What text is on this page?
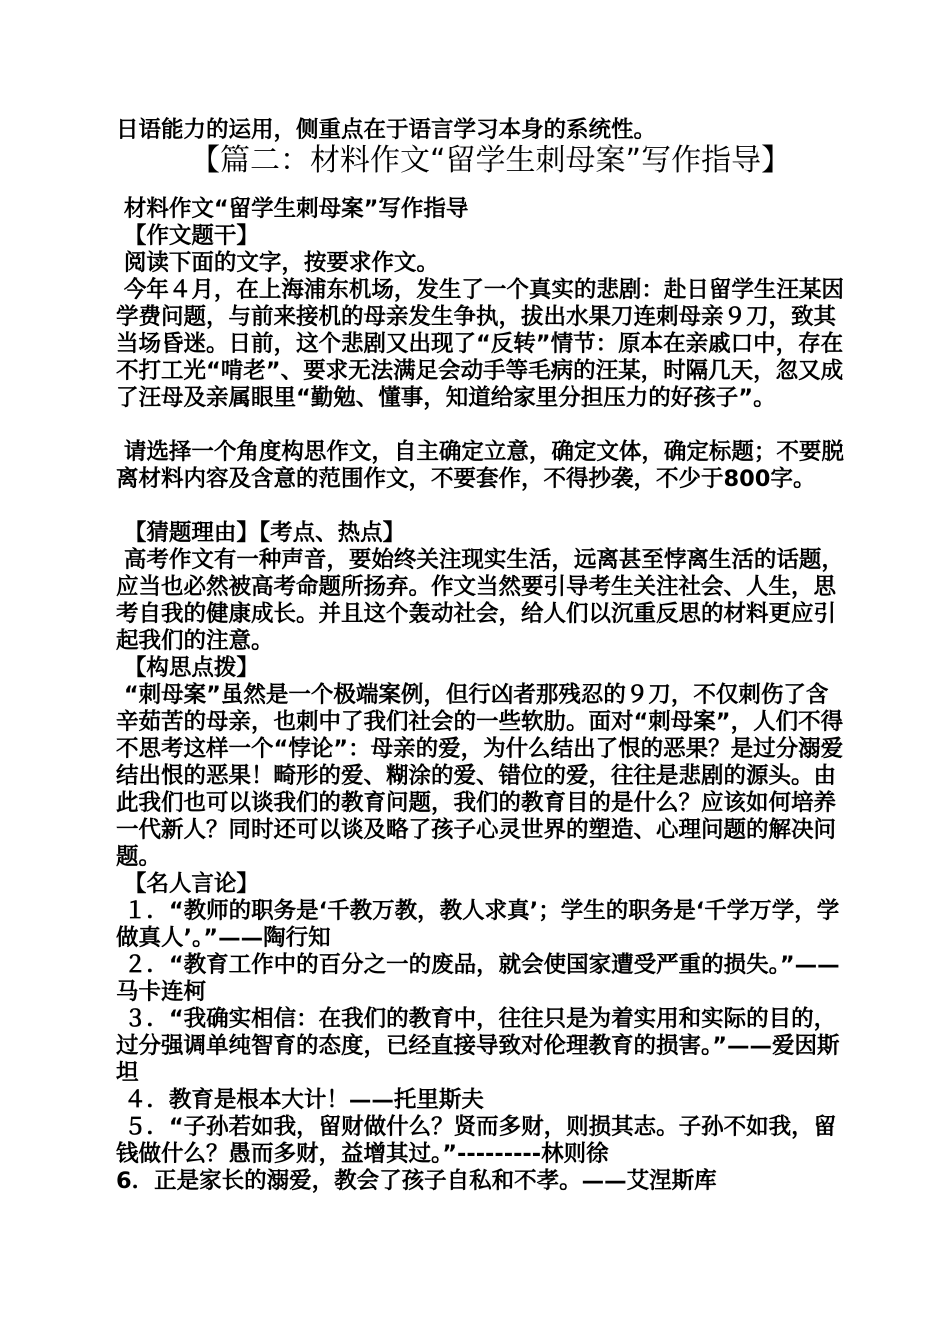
日语能力的运用，侧重点在于语言学习本身的系统性。
【篇二：材料作文“留学生刺母案”写作指导】
材料作文“留学生刺母案”写作指导
【作文题干】
阅读下面的文字，按要求作文。
今年４月，在上海浦东机场，发生了一个真实的悲剧：赴日留学生汪某因学费问题，与前来接机的母亲发生争执，拔出水果刀连刺母亲９刀，致其当场昏迷。日前，这个悲剧又出现了“反转”情节：原本在亲戚口中，存在不打工光“啃老”、要求无法满足会动手等毛病的汪某，时隔几天，忽又成了汪母及亲属眼里“勤勉、懂事，知道给家里分担压力的好孩子”。
请选择一个角度构思作文，自主确定立意，确定文体，确定标题；不要脱离材料内容及含意的范围作文，不要套作，不得抄袭，不少于800字。
【猜题理由】【考点、热点】
高考作文有一种声音，要始终关注现实生活，远离甚至悖离生活的话题，应当也必然被高考命题所扬弃。作文当然要引导考生关注社会、人生，思考自我的健康成长。并且这个轰动社会，给人们以沉重反思的材料更应引起我们的注意。
【构思点拨】
“刺母案”虽然是一个极端案例，但行凶者那残忍的９刀，不仅刺伤了含辛茹苦的母亲，也刺中了我们社会的一些软肋。面对“刺母案”，人们不得不思考这样一个“悖论”：母亲的爱，为什么结出了恨的恶果？是过分溺爱结出恨的恶果！畸形的爱、糊涂的爱、错位的爱，往往是悲剧的源头。由此我们也可以谈我们的教育问题，我们的教育目的是什么？应该如何培养一代新人？同时还可以谈及略了孩子心灵世界的塑造、心理问题的解决问题。
【名人言论】
１．“教师的职务是‘千教万教，教人求真’；学生的职务是‘千学万学，学做真人’。”——陶行知
２．“教育工作中的百分之一的废品，就会使国家遭受严重的损失。”——马卡连柯
３．“我确实相信：在我们的教育中，往往只是为着实用和实际的目的，过分强调单纯智育的态度，已经直接导致对伦理教育的损害。”——爱因斯坦
４．教育是根本大计！——托里斯夫
５．“子孙若如我，留财做什么？贤而多财，则损其志。子孙不如我，留钱做什么？愚而多财，益增其过。”---------林则徐
6．正是家长的溺爱，教会了孩子自私和不孝。——艾涅斯库
